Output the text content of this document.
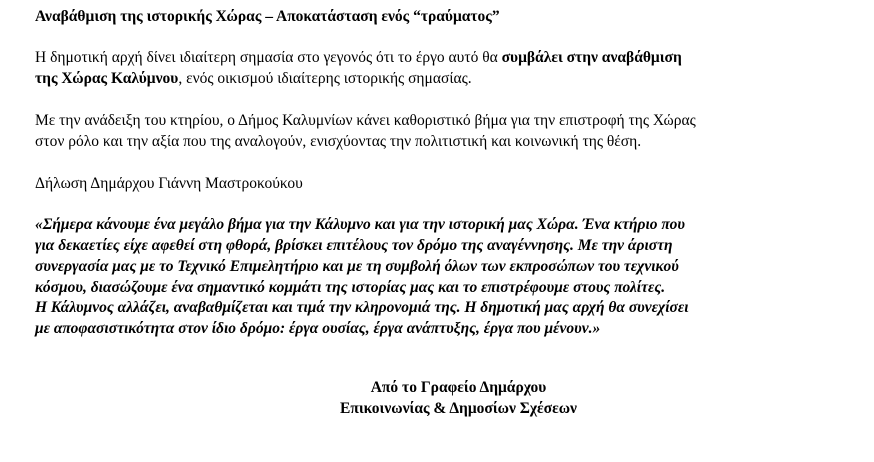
Αναβάθμιση της ιστορικής Χώρας – Αποκατάσταση ενός “τραύματος”
Η δημοτική αρχή δίνει ιδιαίτερη σημασία στο γεγονός ότι το έργο αυτό θα συμβάλει στην αναβάθμιση
της Χώρας Καλύμνου, ενός οικισμού ιδιαίτερης ιστορικής σημασίας.
Με την ανάδειξη του κτηρίου, ο Δήμος Καλυμνίων κάνει καθοριστικό βήμα για την επιστροφή της Χώρας
στον ρόλο και την αξία που της αναλογούν, ενισχύοντας την πολιτιστική και κοινωνική της θέση.
Δήλωση Δημάρχου Γιάννη Μαστροκούκου
«Σήμερα κάνουμε ένα μεγάλο βήμα για την Κάλυμνο και για την ιστορική μας Χώρα. Ένα κτήριο που
για δεκαετίες είχε αφεθεί στη φθορά, βρίσκει επιτέλους τον δρόμο της αναγέννησης. Με την άριστη
συνεργασία μας με το Τεχνικό Επιμελητήριο και με τη συμβολή όλων των εκπροσώπων του τεχνικού
κόσμου, διασώζουμε ένα σημαντικό κομμάτι της ιστορίας μας και το επιστρέφουμε στους πολίτες.
Η Κάλυμνος αλλάζει, αναβαθμίζεται και τιμά την κληρονομιά της. Η δημοτική μας αρχή θα συνεχίσει
με αποφασιστικότητα στον ίδιο δρόμο: έργα ουσίας, έργα ανάπτυξης, έργα που μένουν.»
Από το Γραφείο Δημάρχου
Επικοινωνίας & Δημοσίων Σχέσεων
